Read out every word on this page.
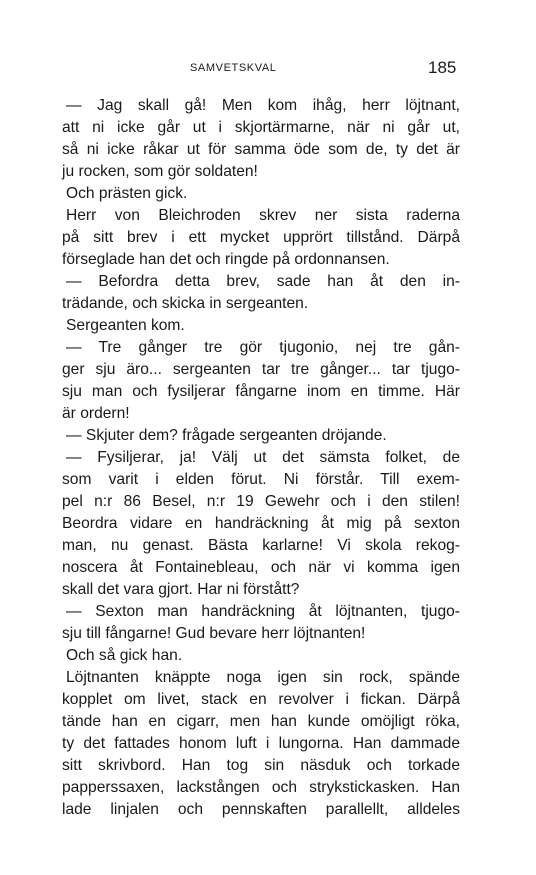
SAMVETSKVAL	185
— Jag skall gå! Men kom ihåg, herr löjtnant,
att ni icke går ut i skjortärmarne, när ni går ut,
så ni icke råkar ut för samma öde som de, ty det är
ju rocken, som gör soldaten!
Och prästen gick.
Herr von Bleichroden skrev ner sista raderna
på sitt brev i ett mycket upprört tillstånd. Därpå
förseglade han det och ringde på ordonnansen.
— Befordra detta brev, sade han åt den in-
trädande, och skicka in sergeanten.
Sergeanten kom.
— Tre gånger tre gör tjugonio, nej tre gån-
ger sju äro... sergeanten tar tre gånger... tar tjugo-
sju man och fysiljerar fångarne inom en timme. Här
är ordern!
— Skjuter dem? frågade sergeanten dröjande.
— Fysiljerar, ja! Välj ut det sämsta folket, de
som varit i elden förut. Ni förstår. Till exem-
pel n:r 86 Besel, n:r 19 Gewehr och i den stilen!
Beordra vidare en handräckning åt mig på sexton
man, nu genast. Bästa karlarne! Vi skola rekog-
noscera åt Fontainebleau, och när vi komma igen
skall det vara gjort. Har ni förstått?
— Sexton man handräckning åt löjtnanten, tjugo-
sju till fångarne! Gud bevare herr löjtnanten!
Och så gick han.
Löjtnanten knäppte noga igen sin rock, spände
kopplet om livet, stack en revolver i fickan. Därpå
tände han en cigarr, men han kunde omöjligt röka,
ty det fattades honom luft i lungorna. Han dammade
sitt skrivbord. Han tog sin näsduk och torkade
papperssaxen, lackstången och strykstickasken. Han
lade linjalen och pennskaften parallellt, alldeles
